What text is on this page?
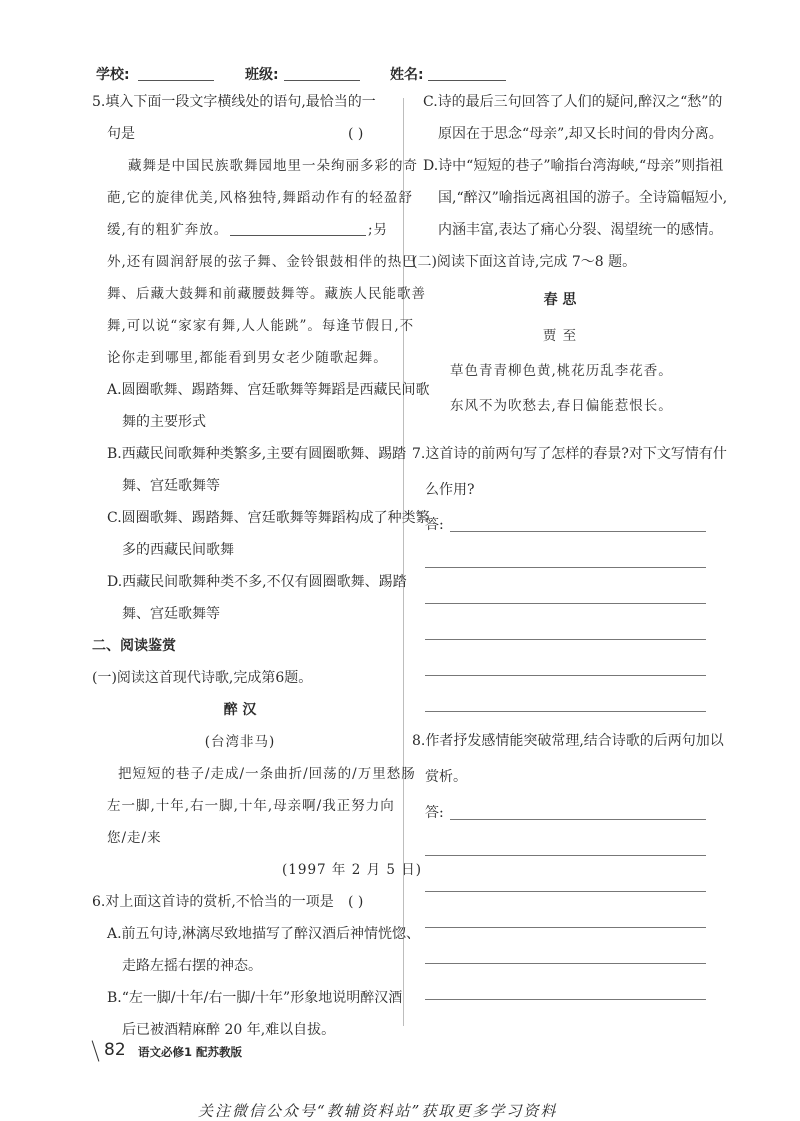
学校:	班级:	姓名:
5.填入下面一段文字横线处的语句,最恰当的一
句是	( )
藏舞是中国民族歌舞园地里一朵绚丽多彩的奇
葩,它的旋律优美,风格独特,舞蹈动作有的轻盈舒
缓,有的粗犷奔放。	;另
外,还有圆润舒展的弦子舞、金铃银鼓相伴的热巴
舞、后藏大鼓舞和前藏腰鼓舞等。藏族人民能歌善
舞,可以说“家家有舞,人人能跳”。每逢节假日,不
论你走到哪里,都能看到男女老少随歌起舞。
A.圆圈歌舞、踢踏舞、宫廷歌舞等舞蹈是西藏民间歌
舞的主要形式
B.西藏民间歌舞种类繁多,主要有圆圈歌舞、踢踏
舞、宫廷歌舞等
C.圆圈歌舞、踢踏舞、宫廷歌舞等舞蹈构成了种类繁
多的西藏民间歌舞
D.西藏民间歌舞种类不多,不仅有圆圈歌舞、踢踏
舞、宫廷歌舞等
二、阅读鉴赏
(一)阅读这首现代诗歌,完成第6题。
醉 汉
(台湾非马)
把短短的巷子/走成/一条曲折/回荡的/万里愁肠
左一脚,十年,右一脚,十年,母亲啊/我正努力向
您/走/来
(1997 年 2 月 5 日)
6.对上面这首诗的赏析,不恰当的一项是 ( )
A.前五句诗,淋漓尽致地描写了醉汉酒后神情恍惚、
走路左摇右摆的神态。
B.“左一脚/十年/右一脚/十年”形象地说明醉汉酒
后已被酒精麻醉 20 年,难以自拔。
C.诗的最后三句回答了人们的疑问,醉汉之“愁”的
原因在于思念“母亲”,却又长时间的骨肉分离。
D.诗中“短短的巷子”喻指台湾海峡,“母亲”则指祖
国,“醉汉”喻指远离祖国的游子。全诗篇幅短小,
内涵丰富,表达了痛心分裂、渴望统一的感情。
(二)阅读下面这首诗,完成 7～8 题。
春 思
贾 至
草色青青柳色黄,桃花历乱李花香。
东风不为吹愁去,春日偏能惹恨长。
7.这首诗的前两句写了怎样的春景?对下文写情有什
么作用?
答:
8.作者抒发感情能突破常理,结合诗歌的后两句加以
赏析。
答:
82 语文必修1 配苏教版
关注微信公众号“教辅资料站”获取更多学习资料
